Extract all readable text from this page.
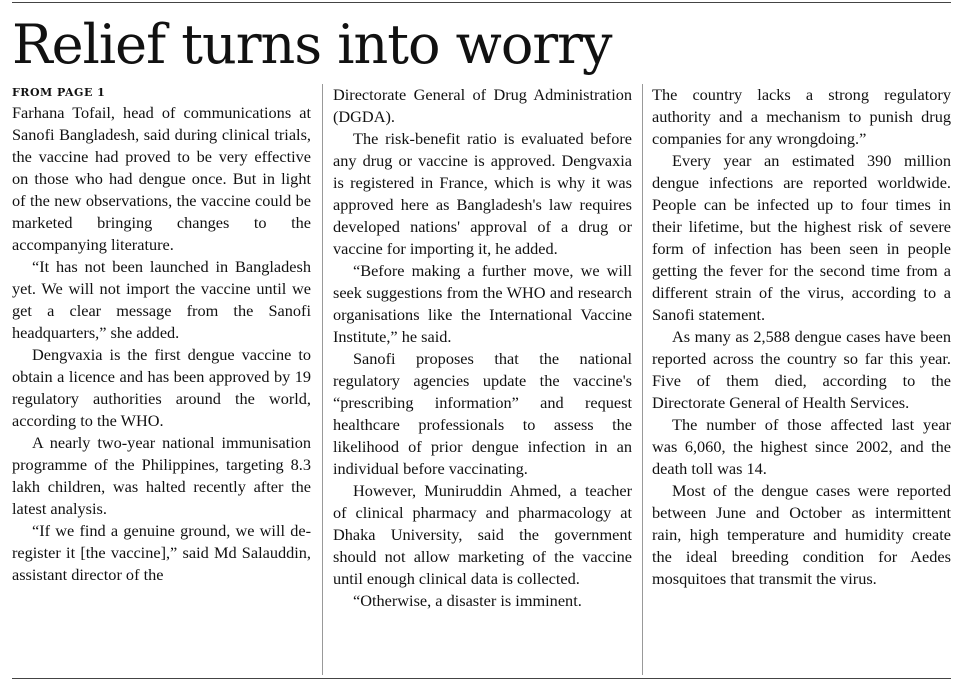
Relief turns into worry
FROM PAGE 1

Farhana Tofail, head of communications at Sanofi Bangladesh, said during clinical trials, the vaccine had proved to be very effective on those who had dengue once. But in light of the new observations, the vaccine could be marketed bringing changes to the accompanying literature.

“It has not been launched in Bangladesh yet. We will not import the vaccine until we get a clear message from the Sanofi headquarters,” she added.

Dengvaxia is the first dengue vaccine to obtain a licence and has been approved by 19 regulatory authorities around the world, according to the WHO.

A nearly two-year national immunisation programme of the Philippines, targeting 8.3 lakh children, was halted recently after the latest analysis.

“If we find a genuine ground, we will de-register it [the vaccine],” said Md Salauddin, assistant director of the

Directorate General of Drug Administration (DGDA).

The risk-benefit ratio is evaluated before any drug or vaccine is approved. Dengvaxia is registered in France, which is why it was approved here as Bangladesh's law requires developed nations' approval of a drug or vaccine for importing it, he added.

“Before making a further move, we will seek suggestions from the WHO and research organisations like the International Vaccine Institute,” he said.

Sanofi proposes that the national regulatory agencies update the vaccine's “prescribing information” and request healthcare professionals to assess the likelihood of prior dengue infection in an individual before vaccinating.

However, Muniruddin Ahmed, a teacher of clinical pharmacy and pharmacology at Dhaka University, said the government should not allow marketing of the vaccine until enough clinical data is collected.

“Otherwise, a disaster is imminent.

The country lacks a strong regulatory authority and a mechanism to punish drug companies for any wrongdoing.”

Every year an estimated 390 million dengue infections are reported worldwide. People can be infected up to four times in their lifetime, but the highest risk of severe form of infection has been seen in people getting the fever for the second time from a different strain of the virus, according to a Sanofi statement.

As many as 2,588 dengue cases have been reported across the country so far this year. Five of them died, according to the Directorate General of Health Services.

The number of those affected last year was 6,060, the highest since 2002, and the death toll was 14.

Most of the dengue cases were reported between June and October as intermittent rain, high temperature and humidity create the ideal breeding condition for Aedes mosquitoes that transmit the virus.
